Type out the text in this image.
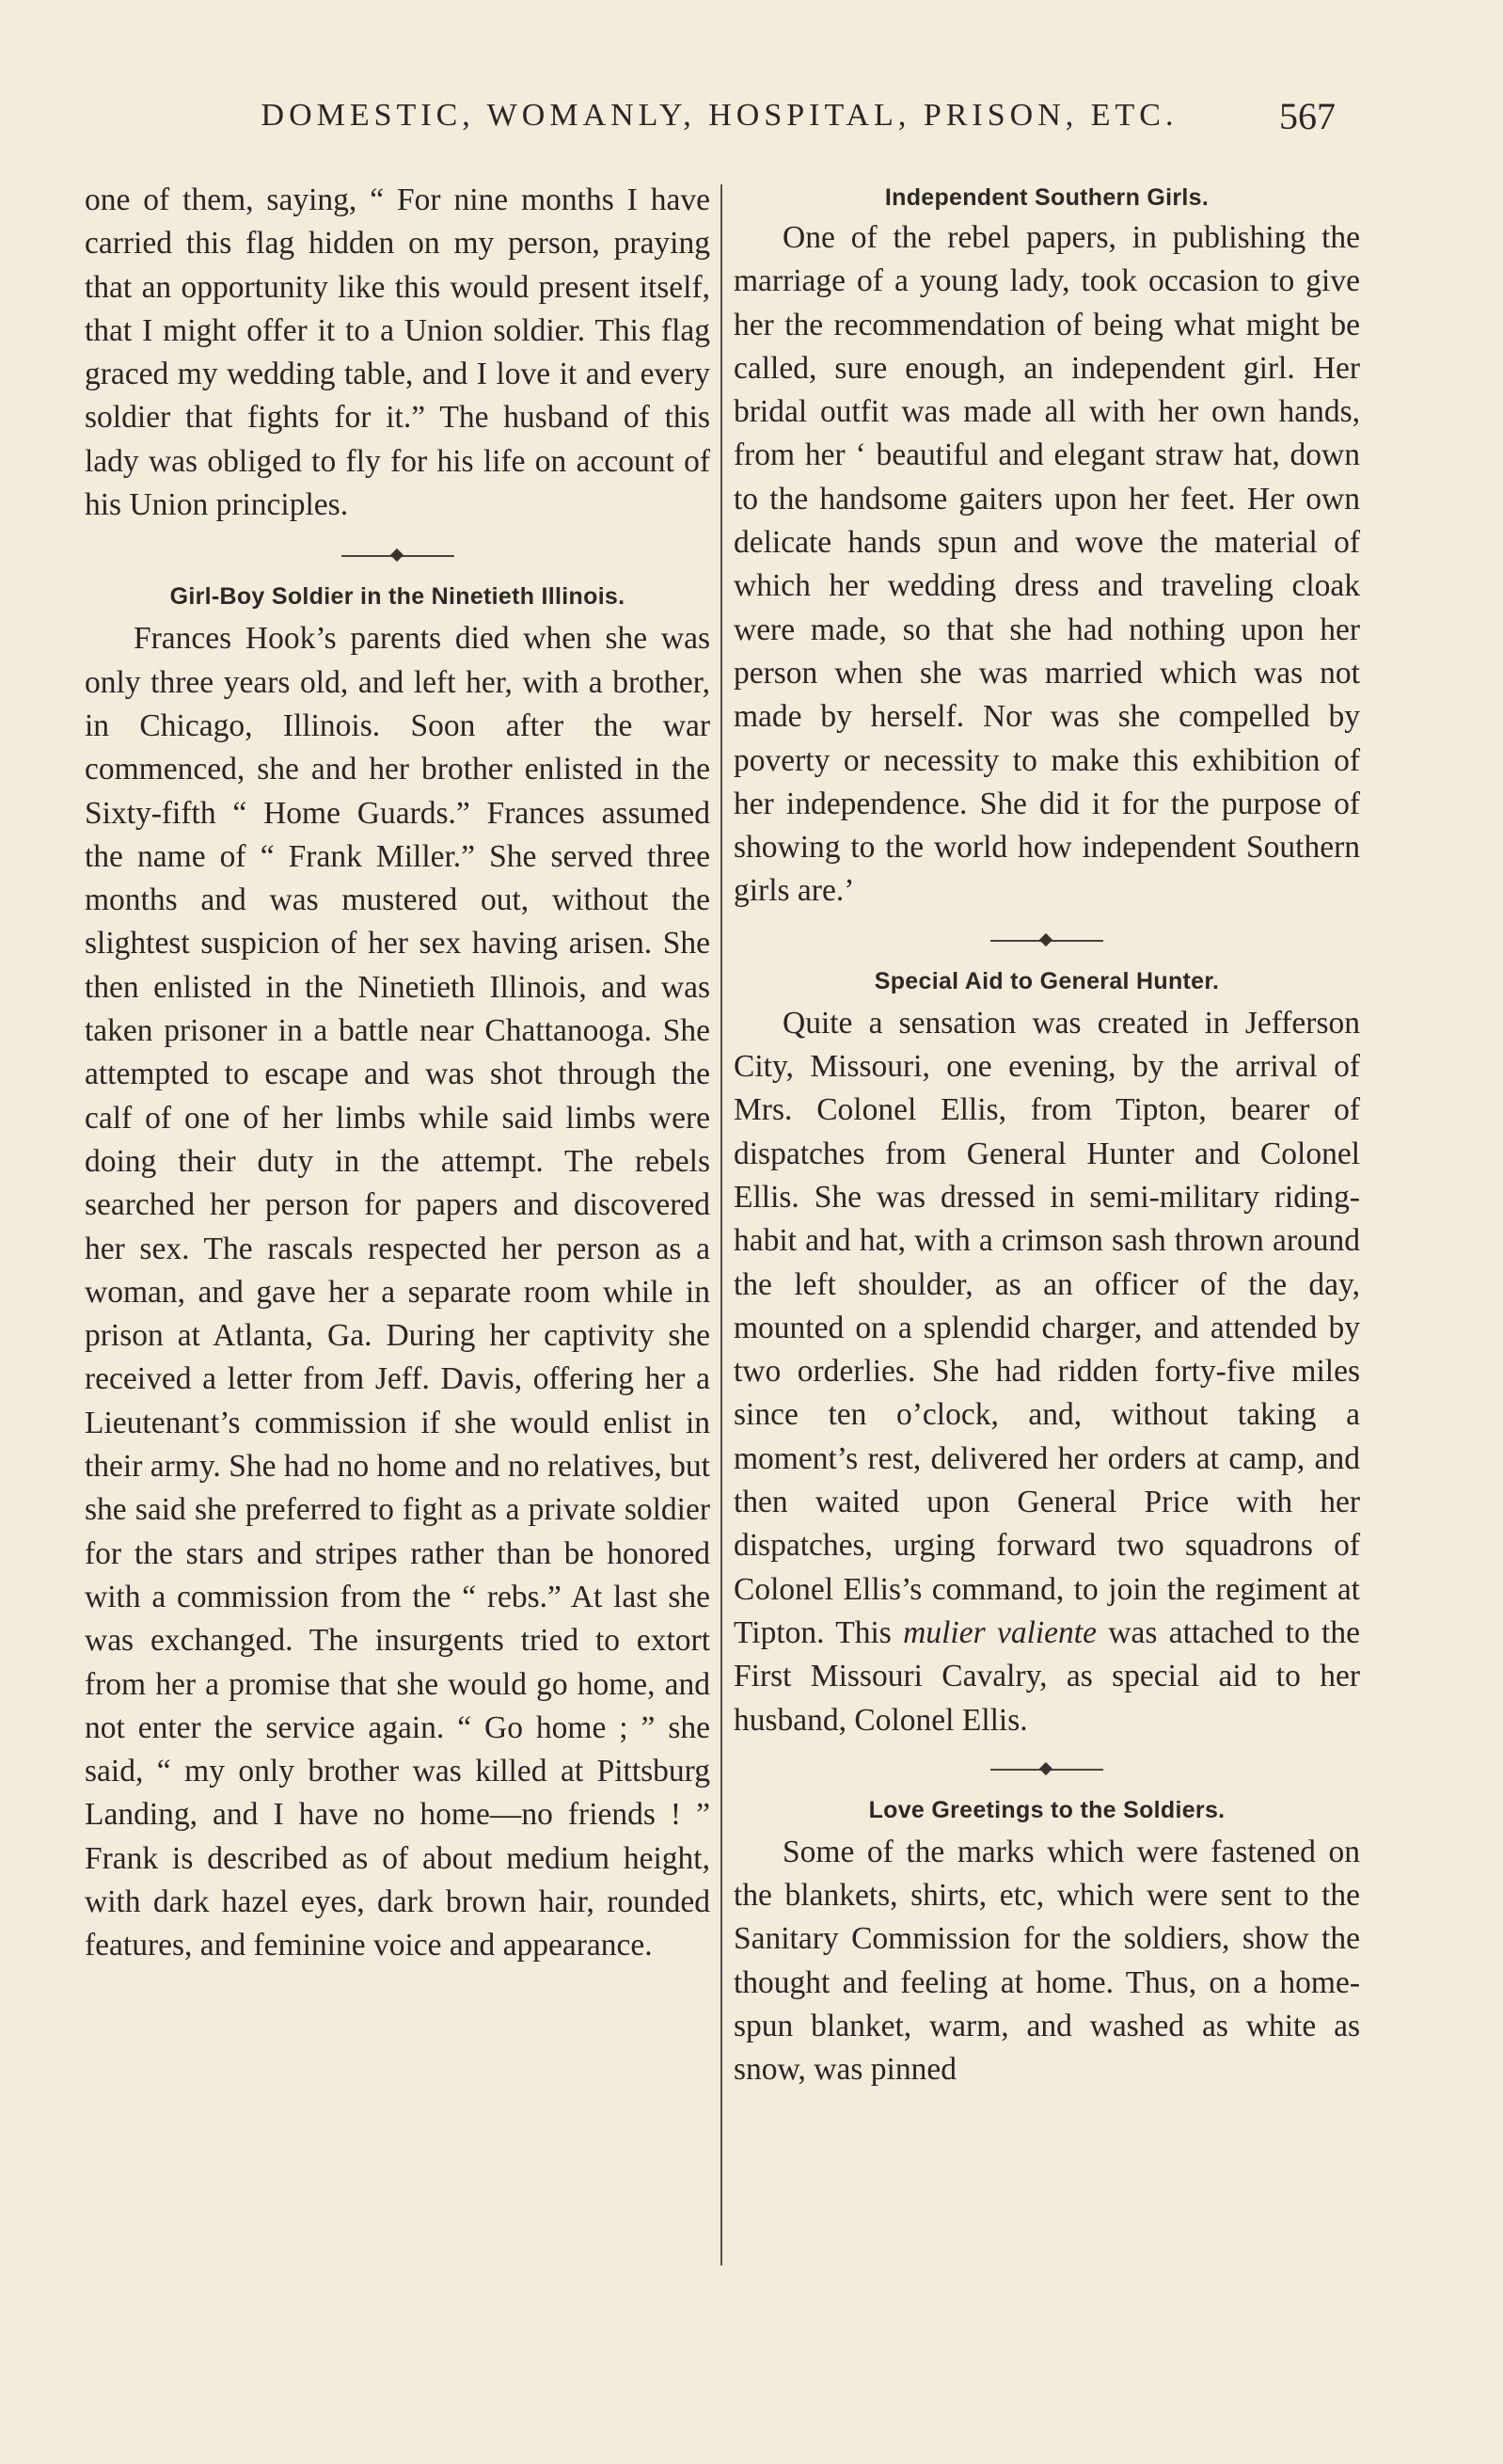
DOMESTIC, WOMANLY, HOSPITAL, PRISON, ETC.	567

one of them, saying, “ For nine months I have carried this flag hidden on my person, praying that an opportunity like this would present itself, that I might offer it to a Union soldier. This flag graced my wedding table, and I love it and every soldier that fights for it.” The husband of this lady was obliged to fly for his life on account of his Union principles.

Girl-Boy Soldier in the Ninetieth Illinois.

Frances Hook’s parents died when she was only three years old, and left her, with a brother, in Chicago, Illinois. Soon after the war commenced, she and her brother enlisted in the Sixty-fifth “ Home Guards.” Frances assumed the name of “ Frank Miller.” She served three months and was mustered out, without the slightest suspicion of her sex having arisen. She then enlisted in the Ninetieth Illinois, and was taken prisoner in a battle near Chattanooga. She attempted to escape and was shot through the calf of one of her limbs while said limbs were doing their duty in the attempt. The rebels searched her person for papers and discovered her sex. The rascals respected her person as a woman, and gave her a separate room while in prison at Atlanta, Ga. During her captivity she received a letter from Jeff. Davis, offering her a Lieutenant’s commission if she would enlist in their army. She had no home and no relatives, but she said she preferred to fight as a private soldier for the stars and stripes rather than be honored with a commission from the “ rebs.” At last she was exchanged. The insurgents tried to extort from her a promise that she would go home, and not enter the service again. “ Go home ; ” she said, “ my only brother was killed at Pittsburg Landing, and I have no home—no friends ! ” Frank is described as of about medium height, with dark hazel eyes, dark brown hair, rounded features, and feminine voice and appearance.

Independent Southern Girls.

One of the rebel papers, in publishing the marriage of a young lady, took occasion to give her the recommendation of being what might be called, sure enough, an independent girl. Her bridal outfit was made all with her own hands, from her ‘ beautiful and elegant straw hat, down to the handsome gaiters upon her feet. Her own delicate hands spun and wove the material of which her wedding dress and traveling cloak were made, so that she had nothing upon her person when she was married which was not made by herself. Nor was she compelled by poverty or necessity to make this exhibition of her independence. She did it for the purpose of showing to the world how independent Southern girls are.’

Special Aid to General Hunter.

Quite a sensation was created in Jefferson City, Missouri, one evening, by the arrival of Mrs. Colonel Ellis, from Tipton, bearer of dispatches from General Hunter and Colonel Ellis. She was dressed in semi-military riding-habit and hat, with a crimson sash thrown around the left shoulder, as an officer of the day, mounted on a splendid charger, and attended by two orderlies. She had ridden forty-five miles since ten o’clock, and, without taking a moment’s rest, delivered her orders at camp, and then waited upon General Price with her dispatches, urging forward two squadrons of Colonel Ellis’s command, to join the regiment at Tipton. This mulier valiente was attached to the First Missouri Cavalry, as special aid to her husband, Colonel Ellis.

Love Greetings to the Soldiers.

Some of the marks which were fastened on the blankets, shirts, etc, which were sent to the Sanitary Commission for the soldiers, show the thought and feeling at home. Thus, on a home-spun blanket, warm, and washed as white as snow, was pinned
